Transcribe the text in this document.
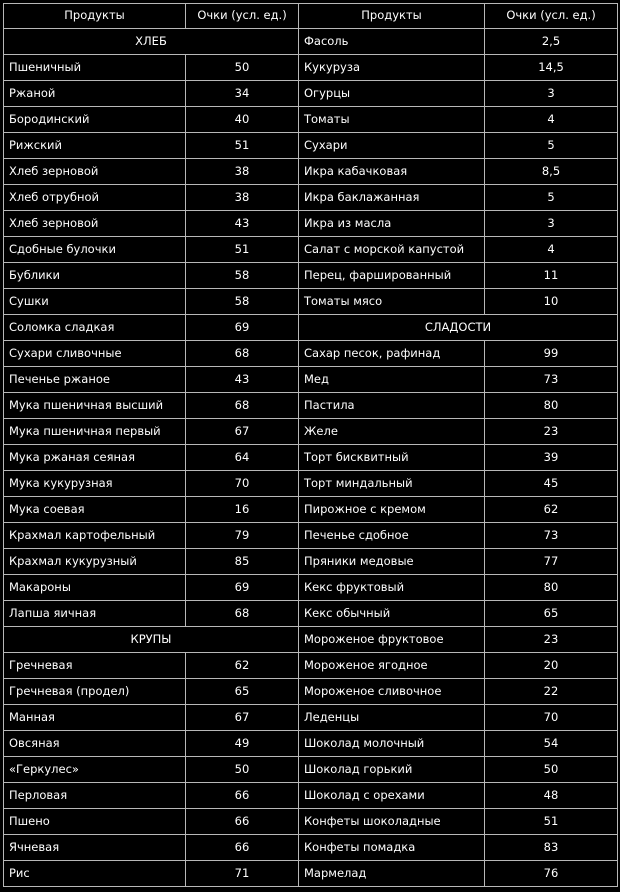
Продукты	Очки (усл. ед.)	Продукты	Очки (усл. ед.)
ХЛЕБ		Фасоль	2,5
Пшеничный	50	Кукуруза	14,5
Ржаной	34	Огурцы	3
Бородинский	40	Томаты	4
Рижский	51	Сухари	5
Хлеб зерновой	38	Икра кабачковая	8,5
Хлеб отрубной	38	Икра баклажанная	5
Хлеб зерновой	43	Икра из масла	3
Сдобные булочки	51	Салат с морской капустой	4
Бублики	58	Перец, фаршированный	11
Сушки	58	Томаты мясо	10
Соломка сладкая	69	СЛАДОСТИ	
Сухари сливочные	68	Сахар песок, рафинад	99
Печенье ржаное	43	Мед	73
Мука пшеничная высший	68	Пастила	80
Мука пшеничная первый	67	Желе	23
Мука ржаная сеяная	64	Торт бисквитный	39
Мука кукурузная	70	Торт миндальный	45
Мука соевая	16	Пирожное с кремом	62
Крахмал картофельный	79	Печенье сдобное	73
Крахмал кукурузный	85	Пряники медовые	77
Макароны	69	Кекс фруктовый	80
Лапша яичная	68	Кекс обычный	65
КРУПЫ		Мороженое фруктовое	23
Гречневая	62	Мороженое ягодное	20
Гречневая (продел)	65	Мороженое сливочное	22
Манная	67	Леденцы	70
Овсяная	49	Шоколад молочный	54
«Геркулес»	50	Шоколад горький	50
Перловая	66	Шоколад с орехами	48
Пшено	66	Конфеты шоколадные	51
Ячневая	66	Конфеты помадка	83
Рис	71	Мармелад	76
